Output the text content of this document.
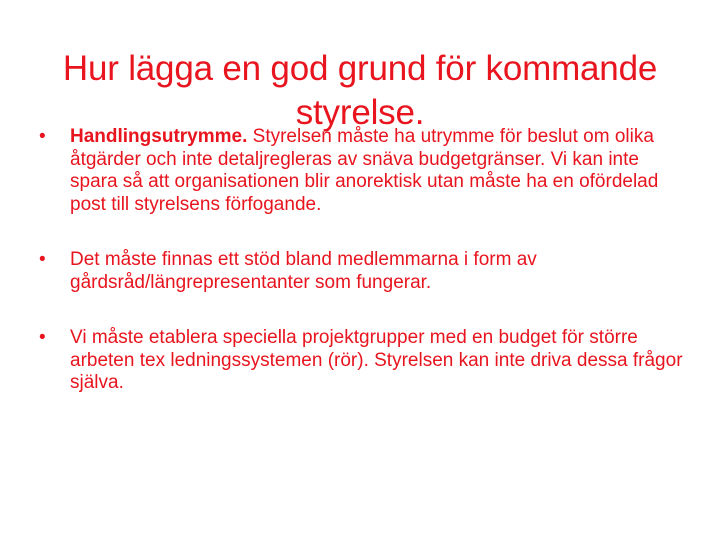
Hur lägga en god grund för kommande styrelse.
• Handlingsutrymme. Styrelsen måste ha utrymme för beslut om olika åtgärder och inte detaljregleras av snäva budgetgränser. Vi kan inte spara så att organisationen blir anorektisk utan måste ha en ofördelad post till styrelsens förfogande.
• Det måste finnas ett stöd bland medlemmarna i form av gårdsråd/längrepresentanter som fungerar.
• Vi måste etablera speciella projektgrupper med en budget för större arbeten tex ledningssystemen (rör). Styrelsen kan inte driva dessa frågor själva.
